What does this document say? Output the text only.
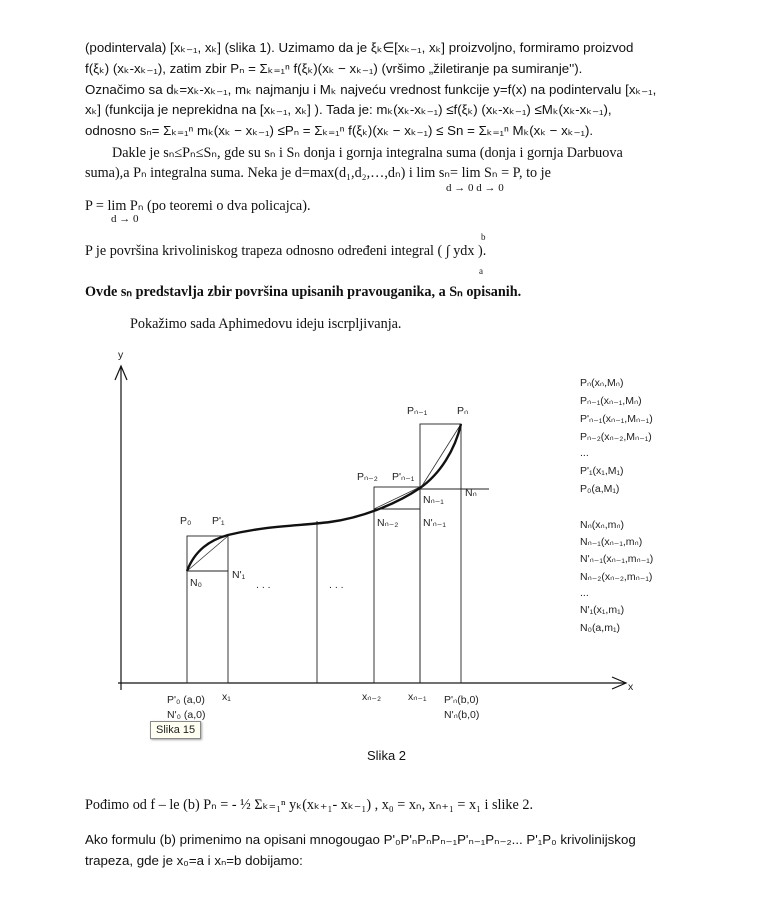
(podintervala) [xₖ₋₁, xₖ] (slika 1). Uzimamo da je ξₖ∈[xₖ₋₁, xₖ] proizvoljno, formiramo proizvod
f(ξₖ) (xₖ-xₖ₋₁), zatim zbir Pₙ = Σₖ₌₁ⁿ f(ξₖ)(xₖ − xₖ₋₁) (vršimo „žiletiranje pa sumiranje'').
Označimo sa dₖ=xₖ-xₖ₋₁, mₖ najmanju i Mₖ najveću vrednost funkcije y=f(x) na podintervalu [xₖ₋₁,
xₖ] (funkcija je neprekidna na [xₖ₋₁, xₖ] ). Tada je: mₖ(xₖ-xₖ₋₁) ≤f(ξₖ) (xₖ-xₖ₋₁) ≤Mₖ(xₖ-xₖ₋₁),
odnosno sₙ= Σₖ₌₁ⁿ mₖ(xₖ − xₖ₋₁) ≤Pₙ = Σₖ₌₁ⁿ f(ξₖ)(xₖ − xₖ₋₁) ≤ Sn = Σₖ₌₁ⁿ Mₖ(xₖ − xₖ₋₁).
Dakle je sₙ≤Pₙ≤Sₙ, gde su sₙ i Sₙ donja i gornja integralna suma (donja i gornja Darbuova
suma),a Pₙ integralna suma. Neka je d=max(d₁,d₂,…,dₙ) i lim sₙ= lim Sₙ = P, to je
d → 0 d → 0
P = lim Pₙ (po teoremi o dva policajca).
d → 0
b
P je površina krivoliniskog trapeza odnosno određeni integral ( ∫ ydx ).
a
Ovde sₙ predstavlja zbir površina upisanih pravouganika, a Sₙ opisanih.
Pokažimo sada Aphimedovu ideju iscrpljivanja.
y
x
P₀ P'₁
Pₙ₋₂ P'ₙ₋₁
Pₙ₋₁	Pₙ
N₀
N'₁
Nₙ₋₂
Nₙ₋₁
N'ₙ₋₁
Nₙ
. . .	. . .
P'₀ (a,0) x₁	xₙ₋₂	xₙ₋₁ P'ₙ(b,0)
N'ₙ(b,0)
N'₀ (a,0)
Pₙ(xₙ,Mₙ)
Pₙ₋₁(xₙ₋₁,Mₙ)
P'ₙ₋₁(xₙ₋₁,Mₙ₋₁)
Pₙ₋₂(xₙ₋₂,Mₙ₋₁)
...
P'₁(x₁,M₁)
P₀(a,M₁)
Nₙ(xₙ,mₙ)
Nₙ₋₁(xₙ₋₁,mₙ)
N'ₙ₋₁(xₙ₋₁,mₙ₋₁)
Nₙ₋₂(xₙ₋₂,mₙ₋₁)
...
N'₁(x₁,m₁)
N₀(a,m₁)
Slika 15
Slika 2
Pođimo od f – le (b) Pₙ = - ½ Σₖ₌₁ⁿ yₖ(xₖ₊₁- xₖ₋₁) , x₀ = xₙ, xₙ₊₁ = x₁ i slike 2.
Ako formulu (b) primenimo na opisani mnogougao P'₀P'ₙPₙPₙ₋₁P'ₙ₋₁Pₙ₋₂... P'₁P₀ krivolinijskog
trapeza, gde je x₀=a i xₙ=b dobijamo:
